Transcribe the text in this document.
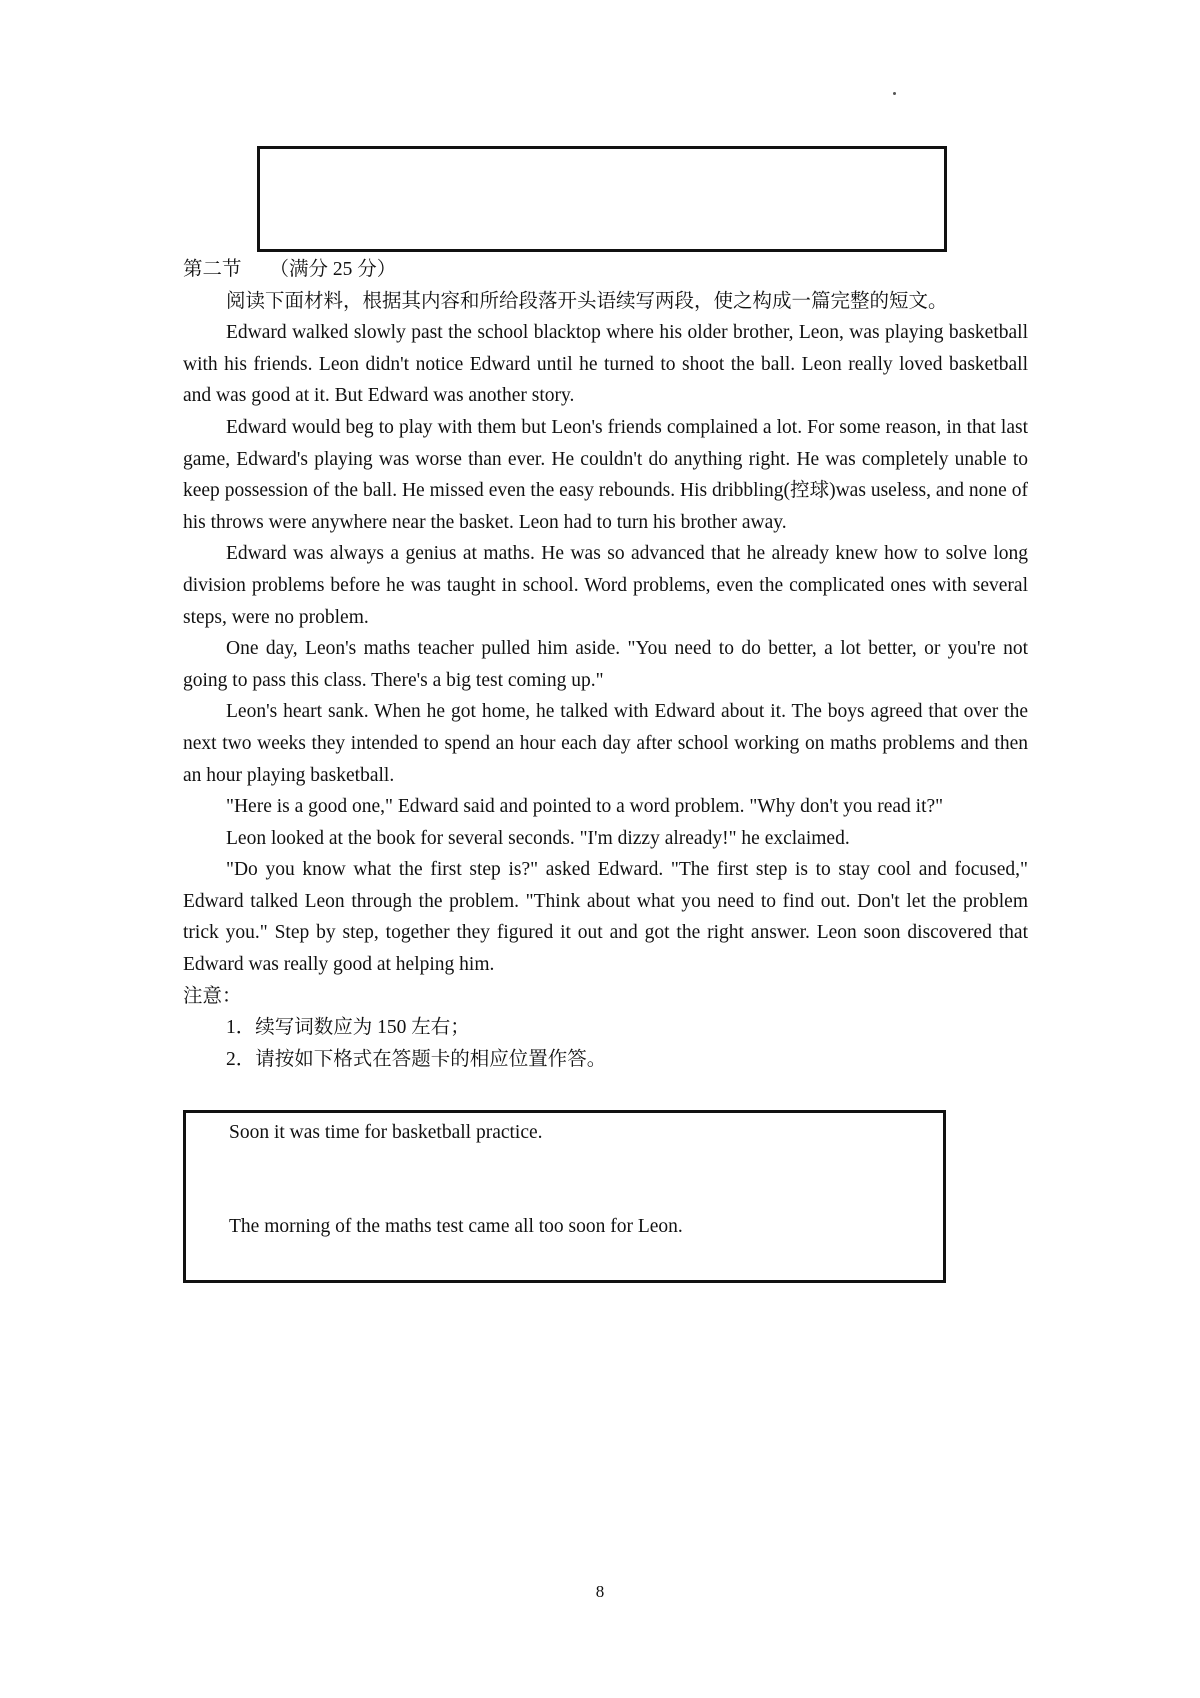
第二节 （满分 25 分）

阅读下面材料，根据其内容和所给段落开头语续写两段，使之构成一篇完整的短文。

Edward walked slowly past the school blacktop where his older brother, Leon, was playing basketball with his friends. Leon didn't notice Edward until he turned to shoot the ball. Leon really loved basketball and was good at it. But Edward was another story.

Edward would beg to play with them but Leon's friends complained a lot. For some reason, in that last game, Edward's playing was worse than ever. He couldn't do anything right. He was completely unable to keep possession of the ball. He missed even the easy rebounds. His dribbling(控球)was useless, and none of his throws were anywhere near the basket. Leon had to turn his brother away.

Edward was always a genius at maths. He was so advanced that he already knew how to solve long division problems before he was taught in school. Word problems, even the complicated ones with several steps, were no problem.

One day, Leon's maths teacher pulled him aside. "You need to do better, a lot better, or you're not going to pass this class. There's a big test coming up."

Leon's heart sank. When he got home, he talked with Edward about it. The boys agreed that over the next two weeks they intended to spend an hour each day after school working on maths problems and then an hour playing basketball.

"Here is a good one," Edward said and pointed to a word problem. "Why don't you read it?"

Leon looked at the book for several seconds. "I'm dizzy already!" he exclaimed.

"Do you know what the first step is?" asked Edward. "The first step is to stay cool and focused," Edward talked Leon through the problem. "Think about what you need to find out. Don't let the problem trick you." Step by step, together they figured it out and got the right answer. Leon soon discovered that Edward was really good at helping him.

注意：

1．续写词数应为 150 左右；

2．请按如下格式在答题卡的相应位置作答。

Soon it was time for basketball practice.

The morning of the maths test came all too soon for Leon.

8
